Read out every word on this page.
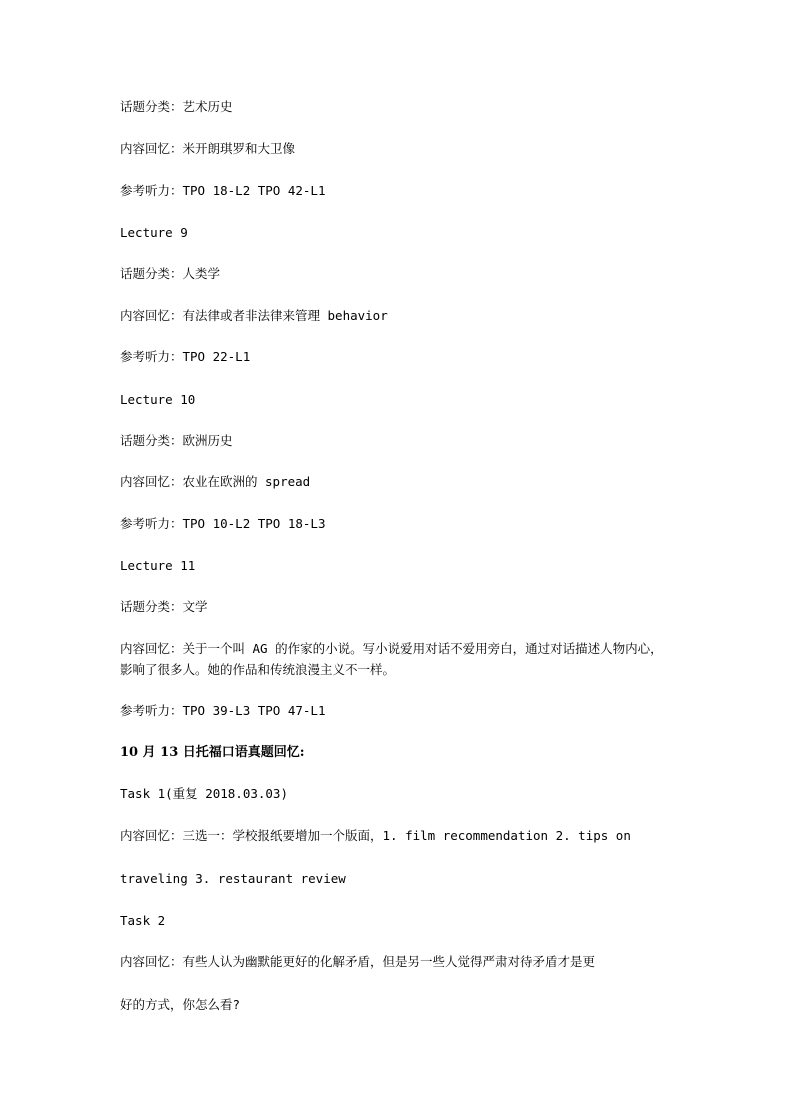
话题分类：艺术历史
内容回忆：米开朗琪罗和大卫像
参考听力：TPO 18-L2 TPO 42-L1
Lecture 9
话题分类：人类学
内容回忆：有法律或者非法律来管理 behavior
参考听力：TPO 22-L1
Lecture 10
话题分类：欧洲历史
内容回忆：农业在欧洲的 spread
参考听力：TPO 10-L2 TPO 18-L3
Lecture 11
话题分类：文学
内容回忆：关于一个叫 AG 的作家的小说。写小说爱用对话不爱用旁白，通过对话描述人物内心，影响了很多人。她的作品和传统浪漫主义不一样。
参考听力：TPO 39-L3 TPO 47-L1
10 月 13 日托福口语真题回忆:
Task 1(重复 2018.03.03)
内容回忆：三选一：学校报纸要增加一个版面，1. film recommendation 2. tips on
traveling 3. restaurant review
Task 2
内容回忆：有些人认为幽默能更好的化解矛盾，但是另一些人觉得严肃对待矛盾才是更
好的方式，你怎么看?
